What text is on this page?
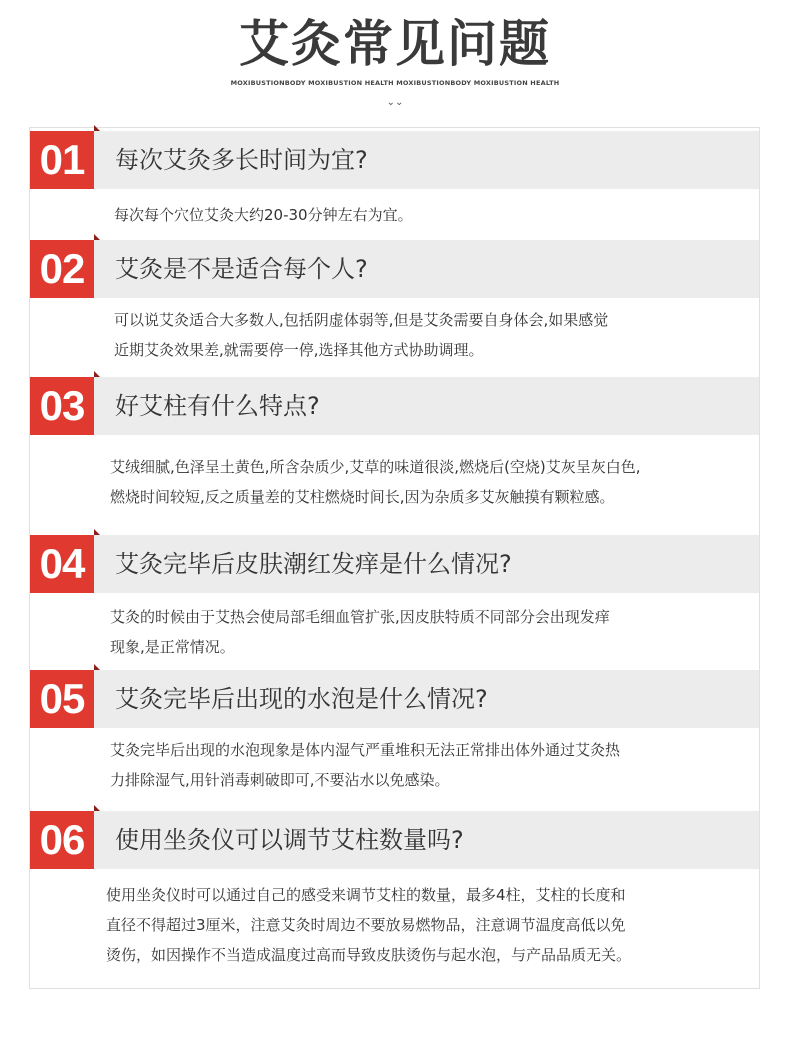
艾灸常见问题
MOXIBUSTIONBODY MOXIBUSTION HEALTH MOXIBUSTIONBODY MOXIBUSTION HEALTH
⌄⌄
01	每次艾灸多长时间为宜?
每次每个穴位艾灸大约20-30分钟左右为宜。
02	艾灸是不是适合每个人?
可以说艾灸适合大多数人,包括阴虚体弱等,但是艾灸需要自身体会,如果感觉
近期艾灸效果差,就需要停一停,选择其他方式协助调理。
03	好艾柱有什么特点?
艾绒细腻,色泽呈土黄色,所含杂质少,艾草的味道很淡,燃烧后(空烧)艾灰呈灰白色,
燃烧时间较短,反之质量差的艾柱燃烧时间长,因为杂质多艾灰触摸有颗粒感。
04	艾灸完毕后皮肤潮红发痒是什么情况?
艾灸的时候由于艾热会使局部毛细血管扩张,因皮肤特质不同部分会出现发痒
现象,是正常情况。
05	艾灸完毕后出现的水泡是什么情况?
艾灸完毕后出现的水泡现象是体内湿气严重堆积无法正常排出体外通过艾灸热
力排除湿气,用针消毒刺破即可,不要沾水以免感染。
06	使用坐灸仪可以调节艾柱数量吗?
使用坐灸仪时可以通过自己的感受来调节艾柱的数量，最多4柱，艾柱的长度和
直径不得超过3厘米，注意艾灸时周边不要放易燃物品，注意调节温度高低以免
烫伤，如因操作不当造成温度过高而导致皮肤烫伤与起水泡，与产品品质无关。
